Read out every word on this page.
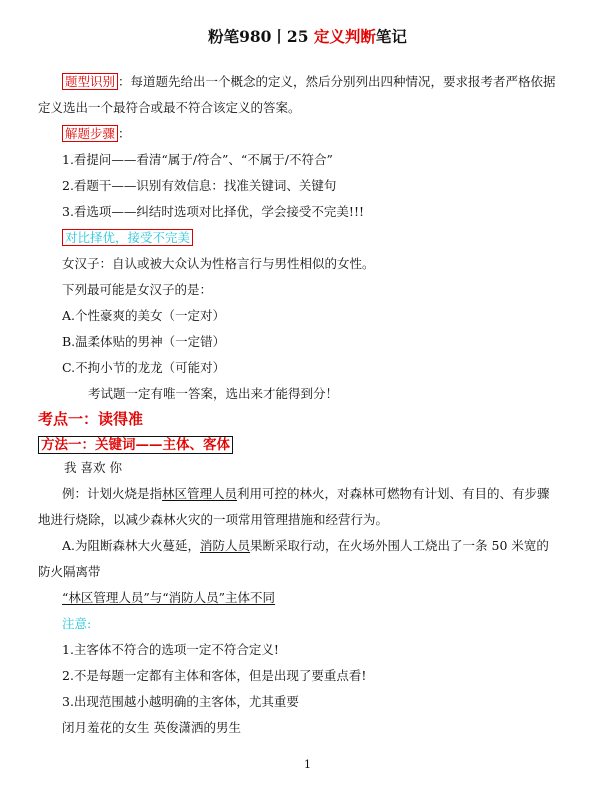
粉笔980丨25 定义判断笔记
题型识别 ：每道题先给出一个概念的定义，然后分别列出四种情况，要求报考者严格依据
定义选出一个最符合或最不符合该定义的答案。
解题步骤 ：
1.看提问——看清“属于/符合”、“不属于/不符合”
2.看题干——识别有效信息：找准关键词、关键句
3.看选项——纠结时选项对比择优，学会接受不完美!!!
对比择优，接受不完美
女汉子：自认或被大众认为性格言行与男性相似的女性。
下列最可能是女汉子的是：
A.个性豪爽的美女（一定对）
B.温柔体贴的男神（一定错）
C.不拘小节的龙龙（可能对）
考试题一定有唯一答案，选出来才能得到分！
考点一：读得准
方法一：关键词——主体、客体
我 喜欢 你
例：计划火烧是指林区管理人员利用可控的林火，对森林可燃物有计划、有目的、有步骤
地进行烧除，以减少森林火灾的一项常用管理措施和经营行为。
A.为阻断森林大火蔓延，消防人员果断采取行动，在火场外围人工烧出了一条 50 米宽的
防火隔离带
“林区管理人员”与“消防人员”主体不同
注意:
1.主客体不符合的选项一定不符合定义!
2.不是每题一定都有主体和客体，但是出现了要重点看!
3.出现范围越小越明确的主客体，尤其重要
闭月羞花的女生 英俊潇洒的男生
1
